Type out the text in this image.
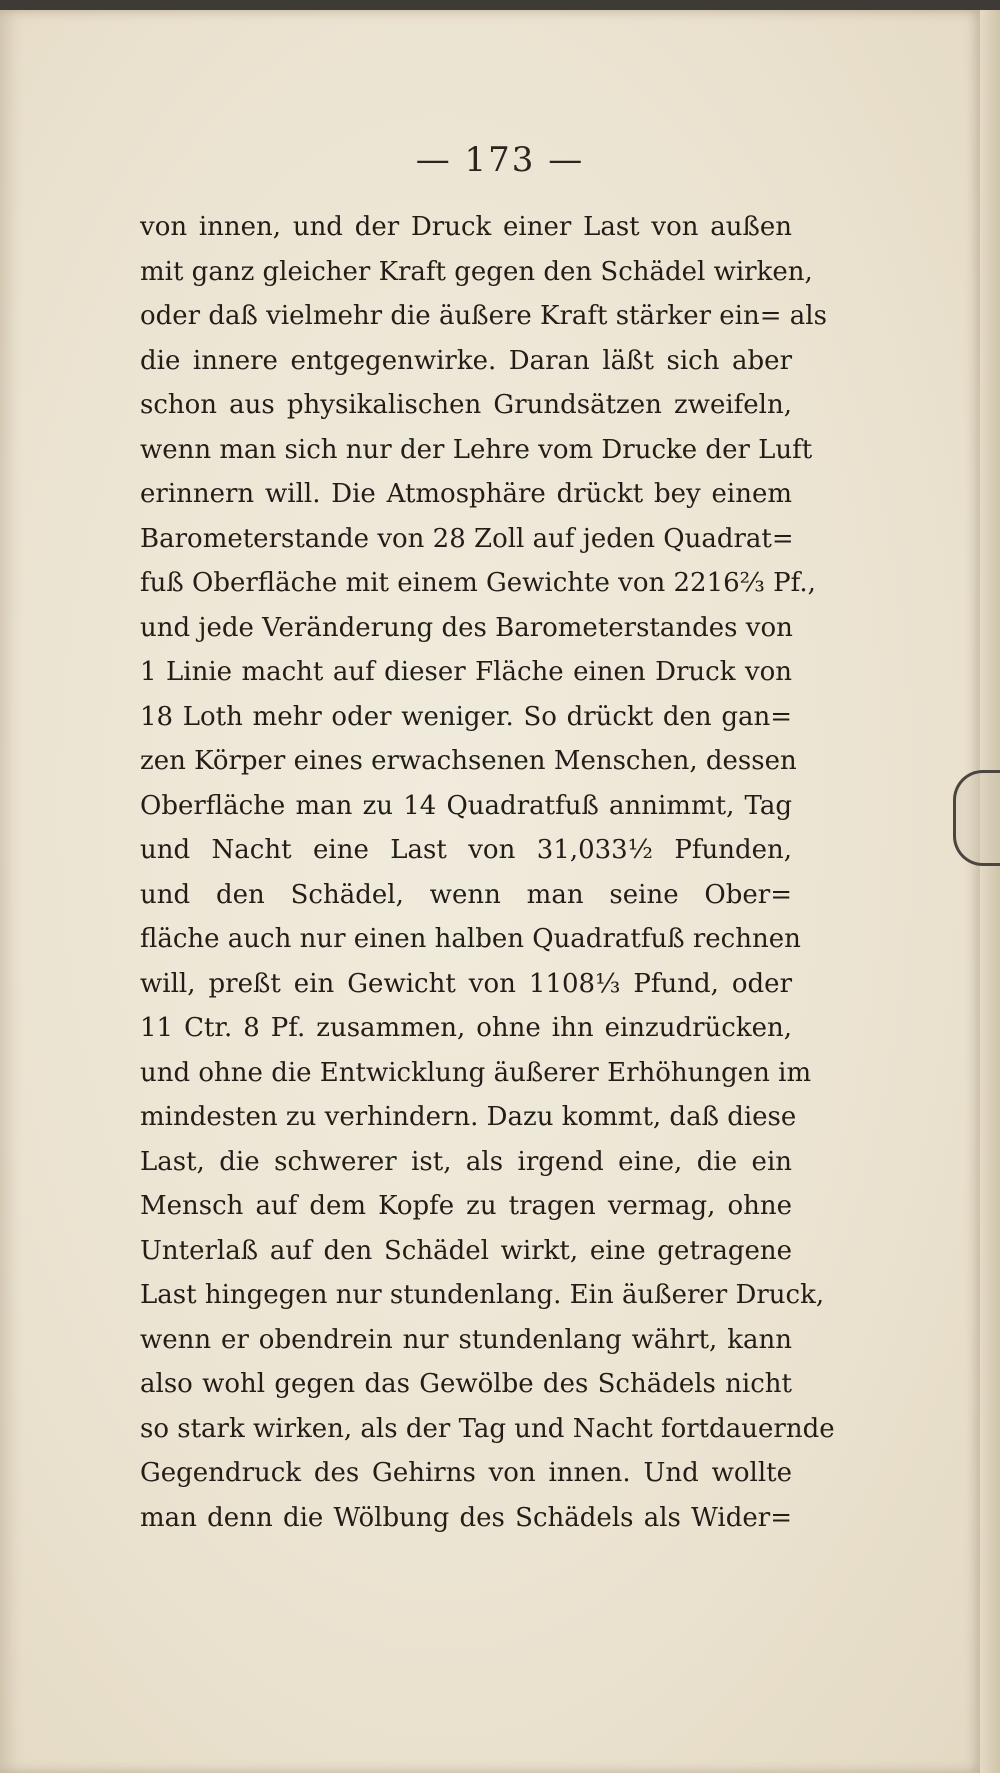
— 173 —
von innen, und der Druck einer Last von außen
mit ganz gleicher Kraft gegen den Schädel wirken,
oder daß vielmehr die äußere Kraft stärker ein= als
die innere entgegenwirke. Daran läßt sich aber
schon aus physikalischen Grundsätzen zweifeln,
wenn man sich nur der Lehre vom Drucke der Luft
erinnern will. Die Atmosphäre drückt bey einem
Barometerstande von 28 Zoll auf jeden Quadrat=
fuß Oberfläche mit einem Gewichte von 2216⅔ Pf.,
und jede Veränderung des Barometerstandes von
1 Linie macht auf dieser Fläche einen Druck von
18 Loth mehr oder weniger. So drückt den gan=
zen Körper eines erwachsenen Menschen, dessen
Oberfläche man zu 14 Quadratfuß annimmt, Tag
und Nacht eine Last von 31,033½ Pfunden,
und den Schädel, wenn man seine Ober=
fläche auch nur einen halben Quadratfuß rechnen
will, preßt ein Gewicht von 1108⅓ Pfund, oder
11 Ctr. 8 Pf. zusammen, ohne ihn einzudrücken,
und ohne die Entwicklung äußerer Erhöhungen im
mindesten zu verhindern. Dazu kommt, daß diese
Last, die schwerer ist, als irgend eine, die ein
Mensch auf dem Kopfe zu tragen vermag, ohne
Unterlaß auf den Schädel wirkt, eine getragene
Last hingegen nur stundenlang. Ein äußerer Druck,
wenn er obendrein nur stundenlang währt, kann
also wohl gegen das Gewölbe des Schädels nicht
so stark wirken, als der Tag und Nacht fortdauernde
Gegendruck des Gehirns von innen. Und wollte
man denn die Wölbung des Schädels als Wider=
